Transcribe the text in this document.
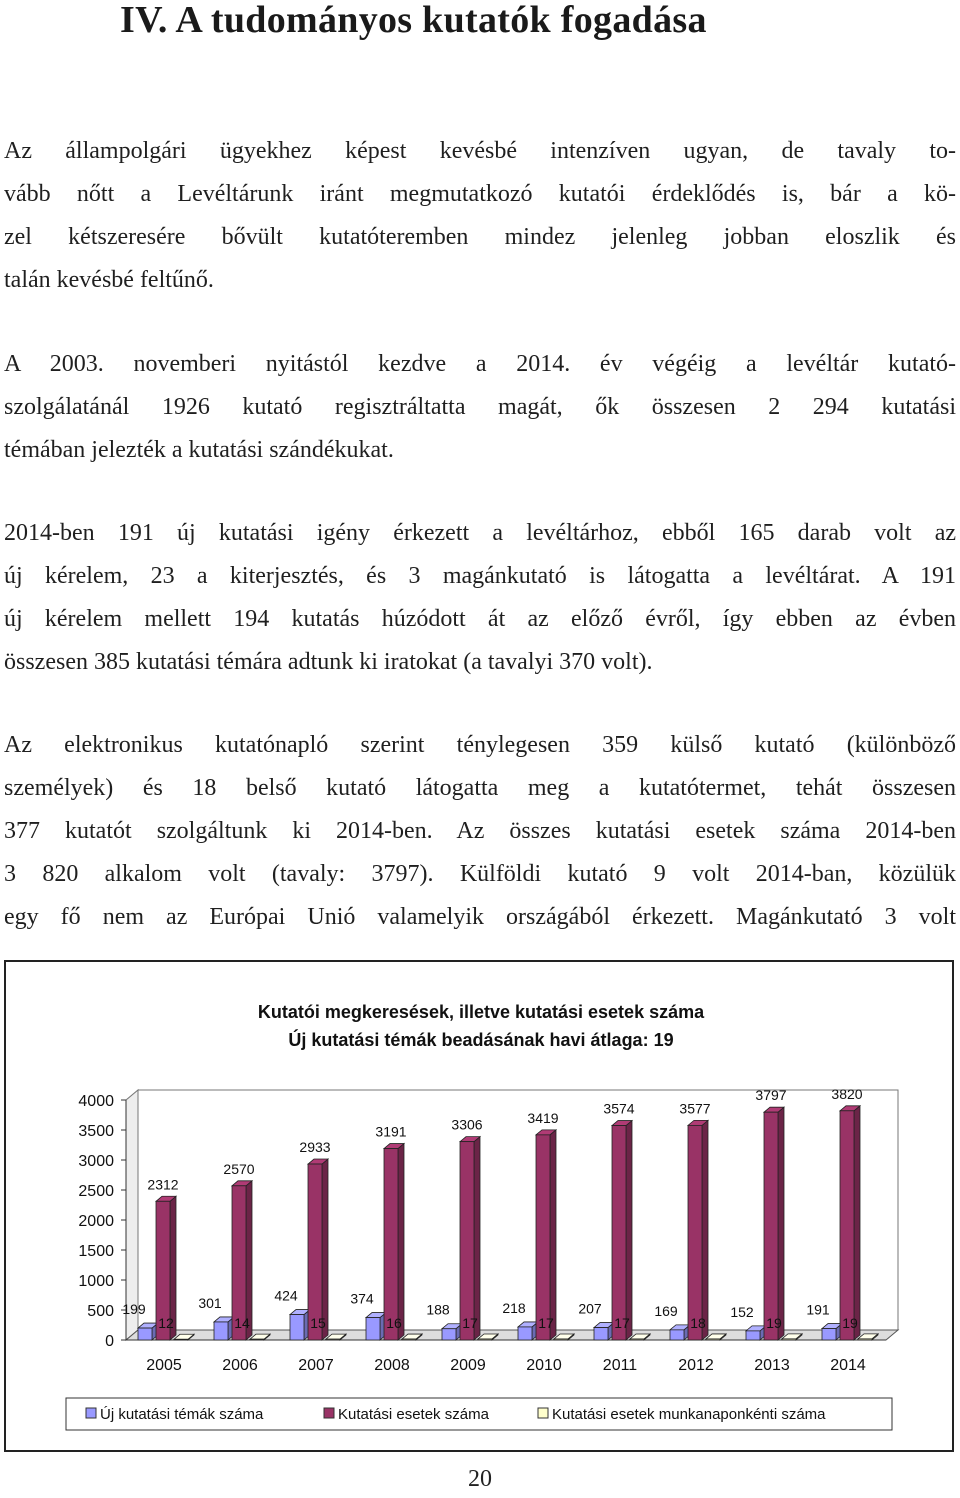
IV. A tudományos kutatók fogadása
Az állampolgári ügyekhez képest kevésbé intenzíven ugyan, de tavaly to-
vább nőtt a Levéltárunk iránt megmutatkozó kutatói érdeklődés is, bár a kö-
zel kétszeresére bővült kutatóteremben mindez jelenleg jobban eloszlik és
talán kevésbé feltűnő.
A 2003. novemberi nyitástól kezdve a 2014. év végéig a levéltár kutató-
szolgálatánál 1926 kutató regisztráltatta magát, ők összesen 2 294 kutatási
témában jelezték a kutatási szándékukat.
2014-ben 191 új kutatási igény érkezett a levéltárhoz, ebből 165 darab volt az
új kérelem, 23 a kiterjesztés, és 3 magánkutató is látogatta a levéltárat. A 191
új kérelem mellett 194 kutatás húzódott át az előző évről, így ebben az évben
összesen 385 kutatási témára adtunk ki iratokat (a tavalyi 370 volt).
Az elektronikus kutatónapló szerint ténylegesen 359 külső kutató (különböző
személyek) és 18 belső kutató látogatta meg a kutatótermet, tehát összesen
377 kutatót szolgáltunk ki 2014-ben. Az összes kutatási esetek száma 2014-ben
3 820 alkalom volt (tavaly: 3797). Külföldi kutató 9 volt 2014-ban, közülük
egy fő nem az Európai Unió valamelyik országából érkezett. Magánkutató 3 volt
Kutatói megkeresések, illetve kutatási esetek száma
Új kutatási témák beadásának havi átlaga: 19
0
500
1000
1500
2000
2500
3000
3500
4000
199
2312
12
2005
301
2570
14
2006
424
2933
15
2007
374
3191
16
2008
188
3306
17
2009
218
3419
17
2010
207
3574
17
2011
169
3577
18
2012
152
3797
19
2013
191
3820
19
2014
Új kutatási témák száma	Kutatási esetek száma	Kutatási esetek munkanaponkénti száma
20
